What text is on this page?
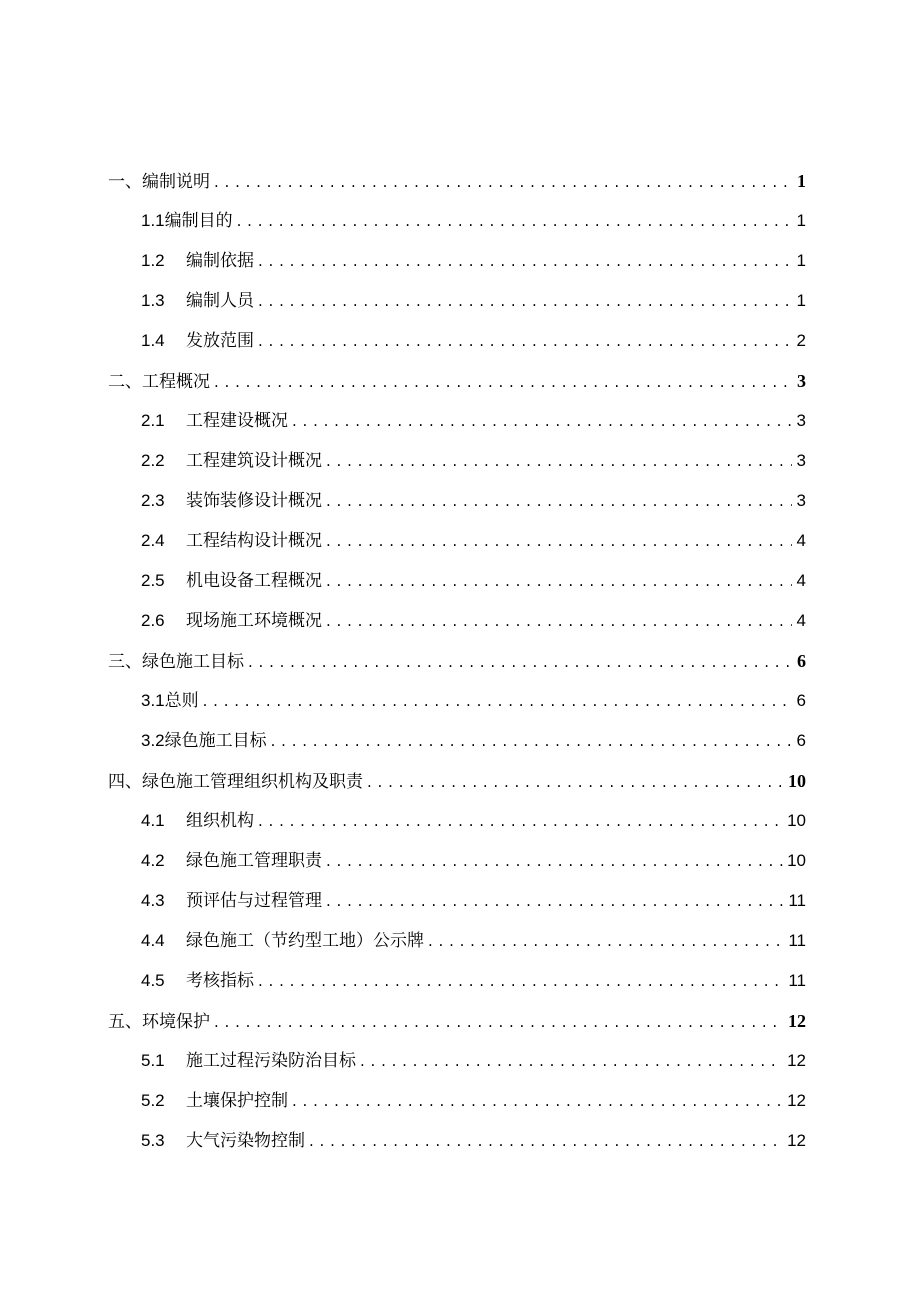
一、编制说明 . . .	1
1.1 编制目的 . . .	1
1.2	编制依据 . . .	1
1.3	编制人员 . . .	1
1.4	发放范围 . . .	2
二、工程概况 . . .	3
2.1	工程建设概况 . . .	3
2.2	工程建筑设计概况 . . .	3
2.3	装饰装修设计概况 . . .	3
2.4	工程结构设计概况 . . .	4
2.5	机电设备工程概况 . . .	4
2.6	现场施工环境概况 . . .	4
三、绿色施工目标 . . .	6
3.1 总则 . . .	6
3.2 绿色施工目标 . . .	6
四、绿色施工管理组织机构及职责 . . .	10
4.1	组织机构 . . .	10
4.2	绿色施工管理职责 . . .	10
4.3	预评估与过程管理 . . .	11
4.4	绿色施工（节约型工地）公示牌 . . .	11
4.5	考核指标 . . .	11
五、环境保护 . . .	12
5.1	施工过程污染防治目标 . . .	12
5.2	土壤保护控制 . . .	12
5.3	大气污染物控制 . . .	12
